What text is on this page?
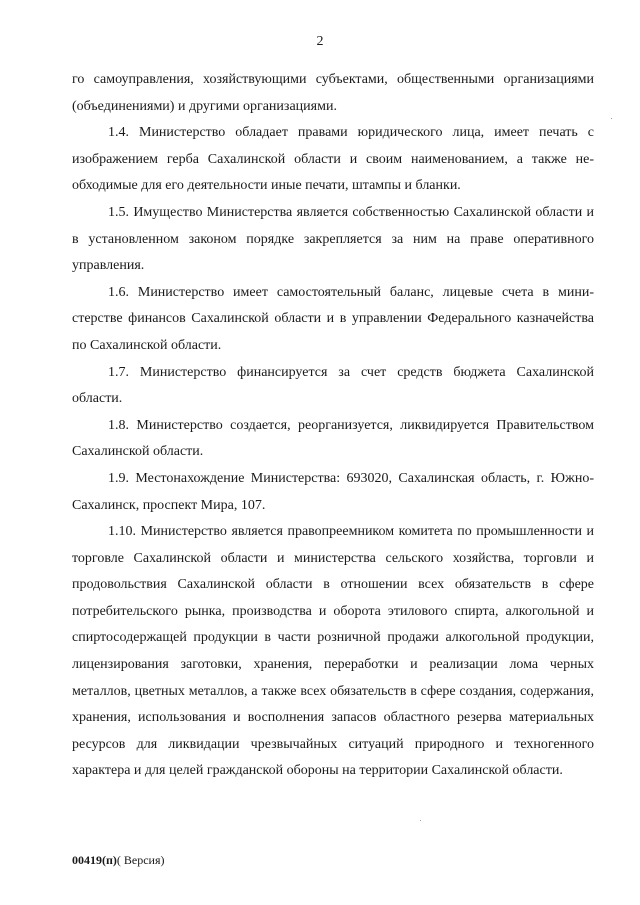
2

го самоуправления, хозяйствующими субъектами, общественными организациями (объединениями) и другими организациями.

1.4. Министерство обладает правами юридического лица, имеет печать с изображением герба Сахалинской области и своим наименованием, а также необходимые для его деятельности иные печати, штампы и бланки.

1.5. Имущество Министерства является собственностью Сахалинской области и в установленном законом порядке закрепляется за ним на праве оперативного управления.

1.6. Министерство имеет самостоятельный баланс, лицевые счета в министерстве финансов Сахалинской области и в управлении Федерального казначейства по Сахалинской области.

1.7. Министерство финансируется за счет средств бюджета Сахалинской области.

1.8. Министерство создается, реорганизуется, ликвидируется Правительством Сахалинской области.

1.9. Местонахождение Министерства: 693020, Сахалинская область, г. Южно-Сахалинск, проспект Мира, 107.

1.10. Министерство является правопреемником комитета по промышленности и торговле Сахалинской области и министерства сельского хозяйства, торговли и продовольствия Сахалинской области в отношении всех обязательств в сфере потребительского рынка, производства и оборота этилового спирта, алкогольной и спиртосодержащей продукции в части розничной продажи алкогольной продукции, лицензирования заготовки, хранения, переработки и реализации лома черных металлов, цветных металлов, а также всех обязательств в сфере создания, содержания, хранения, использования и восполнения запасов областного резерва материальных ресурсов для ликвидации чрезвычайных ситуаций природного и техногенного характера и для целей гражданской обороны на территории Сахалинской области.

00419(п)( Версия)
